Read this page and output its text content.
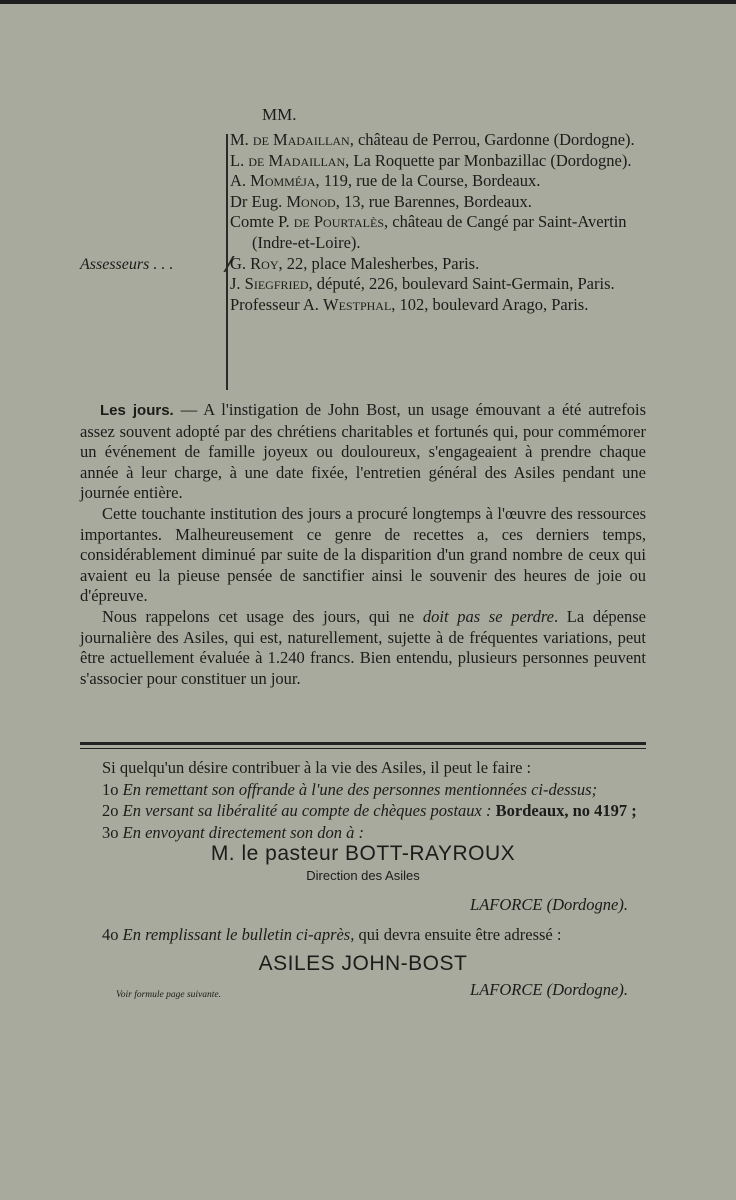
MM.
Assesseurs . . .
M. de Madaillan, château de Perrou, Gardonne (Dordogne).
L. de Madaillan, La Roquette par Monbazillac (Dordogne).
A. Momméja, 119, rue de la Course, Bordeaux.
Dr Eug. Monod, 13, rue Barennes, Bordeaux.
Comte P. de Pourtalès, château de Cangé par Saint-Avertin (Indre-et-Loire).
G. Roy, 22, place Malesherbes, Paris.
J. Siegfried, député, 226, boulevard Saint-Germain, Paris.
Professeur A. Westphal, 102, boulevard Arago, Paris.

Les jours. — A l'instigation de John Bost, un usage émouvant a été autrefois assez souvent adopté par des chrétiens charitables et fortunés qui, pour commémorer un événement de famille joyeux ou douloureux, s'engageaient à prendre chaque année à leur charge, à une date fixée, l'entretien général des Asiles pendant une journée entière.

Cette touchante institution des jours a procuré longtemps à l'œuvre des ressources importantes. Malheureusement ce genre de recettes a, ces derniers temps, considérablement diminué par suite de la disparition d'un grand nombre de ceux qui avaient eu la pieuse pensée de sanctifier ainsi le souvenir des heures de joie ou d'épreuve.

Nous rappelons cet usage des jours, qui ne doit pas se perdre. La dépense journalière des Asiles, qui est, naturellement, sujette à de fréquentes variations, peut être actuellement évaluée à 1.240 francs. Bien entendu, plusieurs personnes peuvent s'associer pour constituer un jour.

Si quelqu'un désire contribuer à la vie des Asiles, il peut le faire :

1o En remettant son offrande à l'une des personnes mentionnées ci-dessus;

2o En versant sa libéralité au compte de chèques postaux : Bordeaux, no 4197 ;

3o En envoyant directement son don à :

M. le pasteur BOTT-RAYROUX

Direction des Asiles

LAFORCE (Dordogne).

4o En remplissant le bulletin ci-après, qui devra ensuite être adressé :

ASILES JOHN-BOST

Voir formule page suivante.	LAFORCE (Dordogne).
